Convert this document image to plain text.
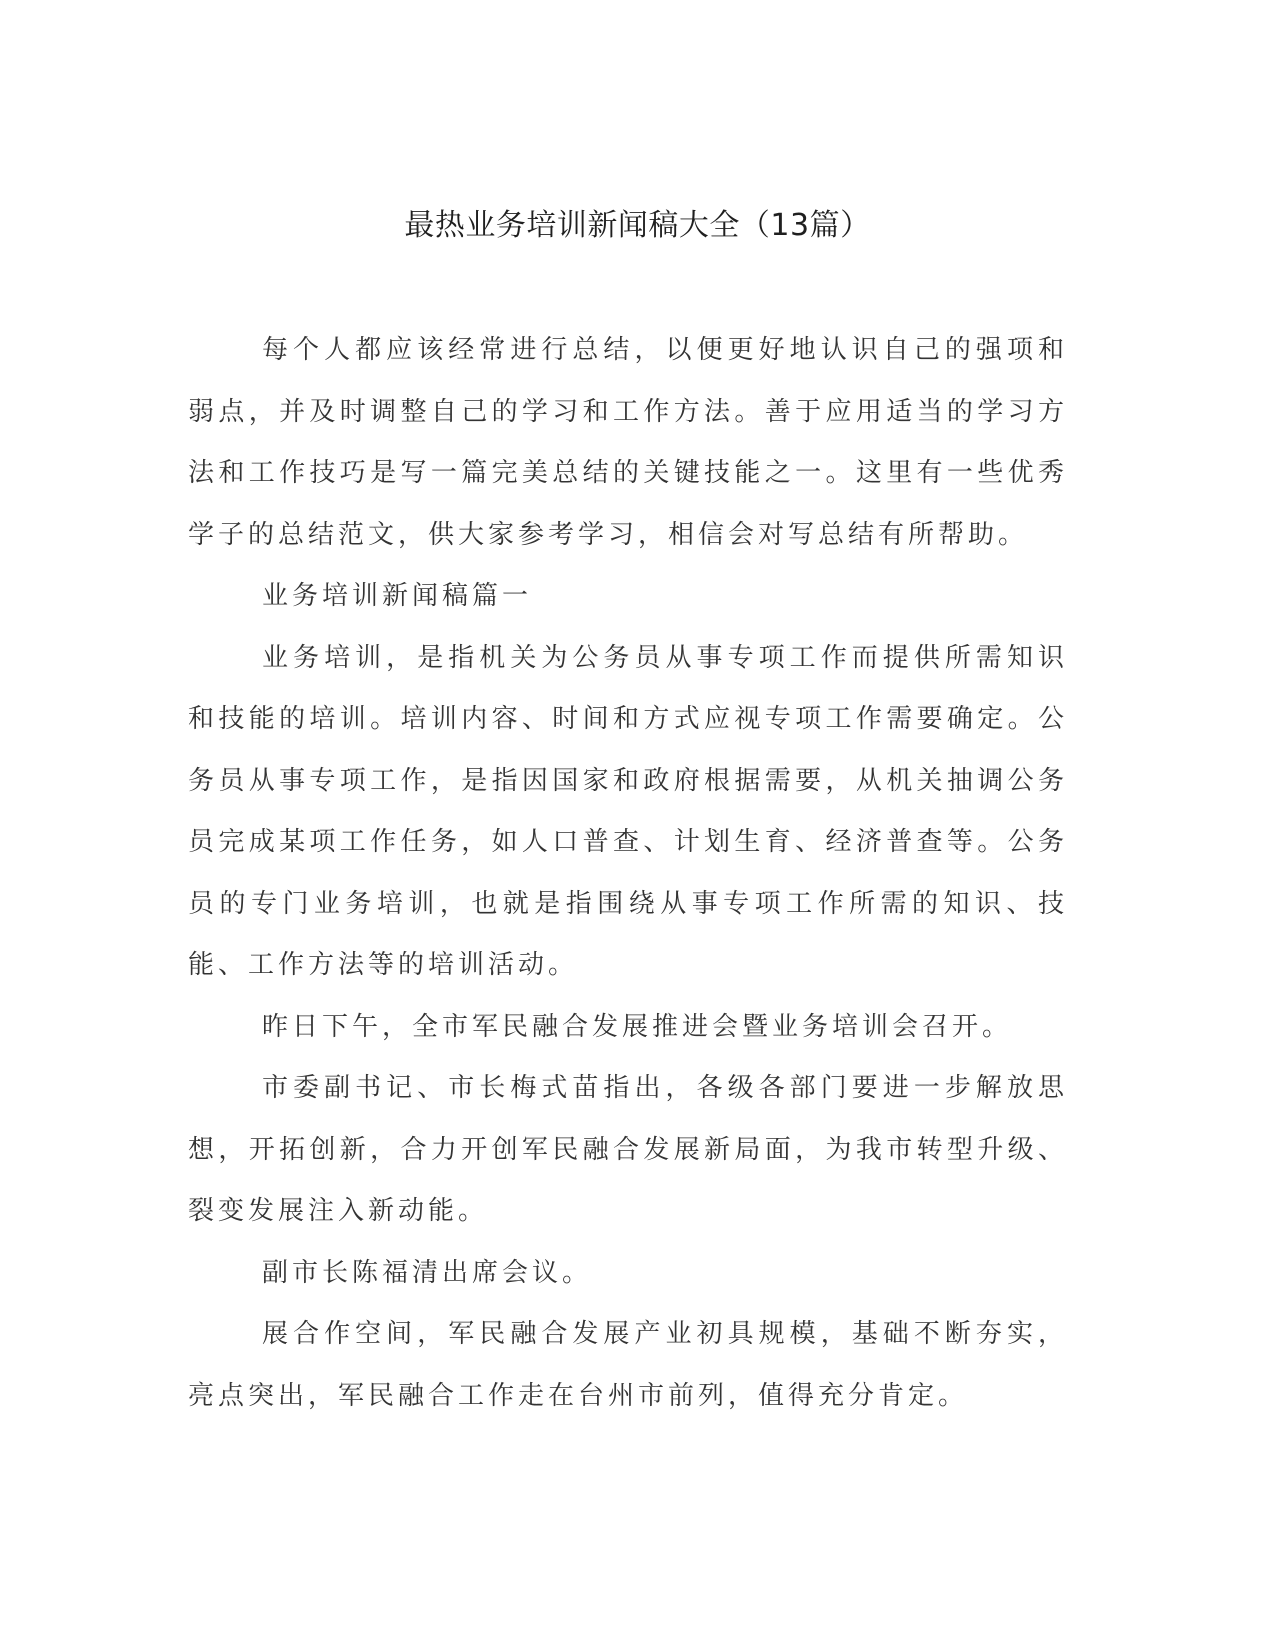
最热业务培训新闻稿大全（13篇）

每个人都应该经常进行总结，以便更好地认识自己的强项和弱点，并及时调整自己的学习和工作方法。善于应用适当的学习方法和工作技巧是写一篇完美总结的关键技能之一。这里有一些优秀学子的总结范文，供大家参考学习，相信会对写总结有所帮助。

业务培训新闻稿篇一

业务培训，是指机关为公务员从事专项工作而提供所需知识和技能的培训。培训内容、时间和方式应视专项工作需要确定。公务员从事专项工作，是指因国家和政府根据需要，从机关抽调公务员完成某项工作任务，如人口普查、计划生育、经济普查等。公务员的专门业务培训，也就是指围绕从事专项工作所需的知识、技能、工作方法等的培训活动。

昨日下午，全市军民融合发展推进会暨业务培训会召开。

市委副书记、市长梅式苗指出，各级各部门要进一步解放思想，开拓创新，合力开创军民融合发展新局面，为我市转型升级、裂变发展注入新动能。

副市长陈福清出席会议。

展合作空间，军民融合发展产业初具规模，基础不断夯实，亮点突出，军民融合工作走在台州市前列，值得充分肯定。
